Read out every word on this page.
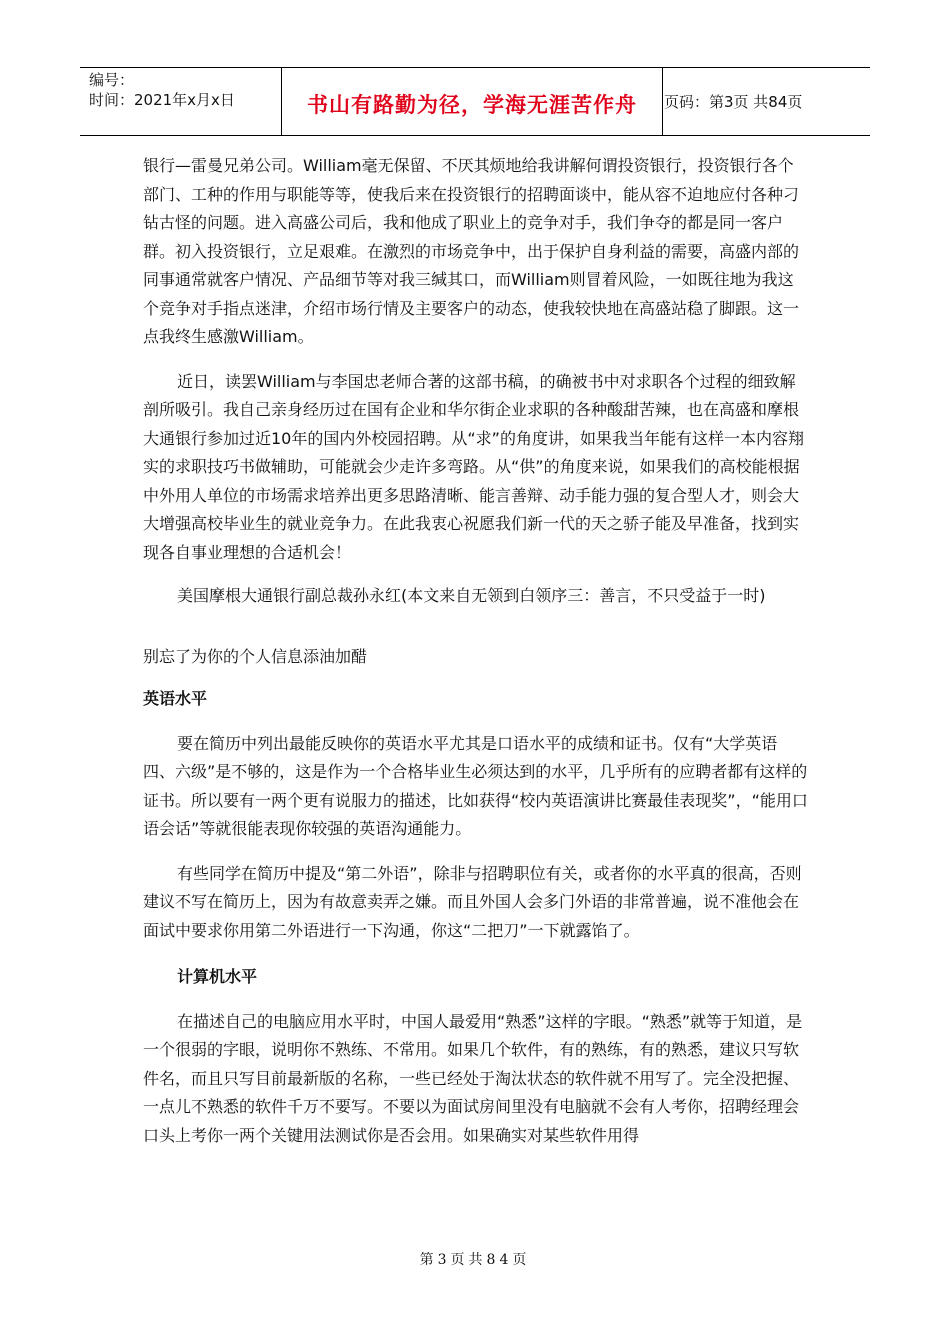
编号：
时间：2021年x月x日	书山有路勤为径，学海无涯苦作舟	页码：第3页 共84页

银行—雷曼兄弟公司。William毫无保留、不厌其烦地给我讲解何谓投资银行，投资银行各个部门、工种的作用与职能等等，使我后来在投资银行的招聘面谈中，能从容不迫地应付各种刁钻古怪的问题。进入高盛公司后，我和他成了职业上的竞争对手，我们争夺的都是同一客户群。初入投资银行，立足艰难。在激烈的市场竞争中，出于保护自身利益的需要，高盛内部的同事通常就客户情况、产品细节等对我三缄其口，而William则冒着风险，一如既往地为我这个竞争对手指点迷津，介绍市场行情及主要客户的动态，使我较快地在高盛站稳了脚跟。这一点我终生感激William。

近日，读罢William与李国忠老师合著的这部书稿，的确被书中对求职各个过程的细致解剖所吸引。我自己亲身经历过在国有企业和华尔街企业求职的各种酸甜苦辣，也在高盛和摩根大通银行参加过近10年的国内外校园招聘。从“求”的角度讲，如果我当年能有这样一本内容翔实的求职技巧书做辅助，可能就会少走许多弯路。从“供”的角度来说，如果我们的高校能根据中外用人单位的市场需求培养出更多思路清晰、能言善辩、动手能力强的复合型人才，则会大大增强高校毕业生的就业竞争力。在此我衷心祝愿我们新一代的天之骄子能及早准备，找到实现各自事业理想的合适机会！

美国摩根大通银行副总裁孙永红(本文来自无领到白领序三：善言，不只受益于一时)

别忘了为你的个人信息添油加醋

英语水平

要在简历中列出最能反映你的英语水平尤其是口语水平的成绩和证书。仅有“大学英语四、六级”是不够的，这是作为一个合格毕业生必须达到的水平，几乎所有的应聘者都有这样的证书。所以要有一两个更有说服力的描述，比如获得“校内英语演讲比赛最佳表现奖”，“能用口语会话”等就很能表现你较强的英语沟通能力。

有些同学在简历中提及“第二外语”，除非与招聘职位有关，或者你的水平真的很高，否则建议不写在简历上，因为有故意卖弄之嫌。而且外国人会多门外语的非常普遍，说不准他会在面试中要求你用第二外语进行一下沟通，你这“二把刀”一下就露馅了。

计算机水平

在描述自己的电脑应用水平时，中国人最爱用“熟悉”这样的字眼。“熟悉”就等于知道，是一个很弱的字眼，说明你不熟练、不常用。如果几个软件，有的熟练，有的熟悉，建议只写软件名，而且只写目前最新版的名称，一些已经处于淘汰状态的软件就不用写了。完全没把握、一点儿不熟悉的软件千万不要写。不要以为面试房间里没有电脑就不会有人考你，招聘经理会口头上考你一两个关键用法测试你是否会用。如果确实对某些软件用得

第3页共84页
